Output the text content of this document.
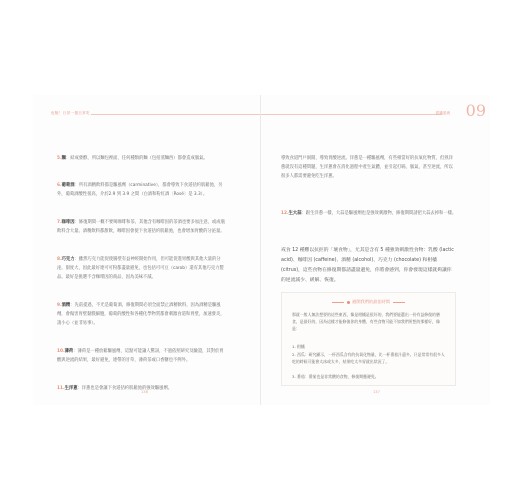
危險！日常一週日常吃
5.麵：結成發酵，所以麵包裡面，任何種類的麵（包括蒸麵西）都會造成脹氣。
6.葡萄酒：所有酒精飲料都是驅風劑（carminative），都會導致下食道括約肌鬆弛，另外，葡萄酒酸性很高，介於2.9 到 3.9 之間（白酒和粉紅酒〔Rosé〕是 3.3）。
7.咖啡因：修復期間一概不要喝咖啡和茶。其他含有咖啡因的茶酒也要多加注意，或成瓶飲料含大量。酒精飲料都甜飲，咖啡因會使下食道括約肌鬆弛，也會增加胃酸的分泌量。
8.巧克力：雖然巧克力能促使腸壁有益神經開始作用，但可能促進胃酸與其他大量的分泌。甜度大，因此最好連可可粉都盡量避免，也包括可可豆（carob）還有其他巧克力製品。最好是挑選不含咖啡因的商品，因為美味不減。
9.酒精：先前提過，不光是葡萄酒，修復期間必須全面禁止酒精飲料，因為酒精是驅風劑，會傷害胃壁黏膜細胞，葡萄的酸性和各種化學物質都會刺激食道和胃壁，加速發炎，請小心（並非易事）。
10.薄荷：薄荷是一種放鬆驅風劑，這點可能讓人驚訝，不過依照研究及驗證，其對於胃酸與逆流的結果，最好避免，連帶的甘草，薄荷茶或口香糖也不例外。
11.生洋蔥：洋蔥也是會讓下食道括約肌鬆弛的強效驅風劑。
136
認識逆流 09
導致食道門戶洞開，導致胃酸逆流。洋蔥是一種驅風劑，有些相當好的抗氧化物質，但熟洋蔥就沒有這種問題，生洋蔥會在消化過程中產生氣體，並引起打嗝、脹氣，甚至逆流，所以很多人都需要避免吃生洋蔥。
12.生大蒜：跟生洋蔥一樣，大蒜是驅風劑也是強效刺激物，修復期間請把大蒜去掉和一樣。
戒食 12 種難以抗拒的「壞食物」，尤其是含有 5 種強效刺激性食物：乳酸 (lactic acid)、咖啡因 (caffeine)、酒精 (alcohol)、巧克力 (chocolate) 和柑橘 (citrus)，這些食物在修復期都請盡量避免，你將會感到，你會發現這樣就夠讓你的逆流減少、緩解、恢復。
避開我們的最佳時間
那就一般人無法想要的這些東西，像是柑橘是很好的，我們要能選出一份有益修復的膳食，是最好的，因為這樣才能修復你的身體，有些食物可能不如我們所想的那樣好，像是：
1. 柑橘
2. 西瓜：研究顯示，一杯西瓜含有的抗氧化物量，比一杯番茄汁還多。只是常常有很多人吃的時候可能會太冰或太多，結果吃太多胃就出狀況了。
3. 番茄：番茄也是非常酸的食物，修復期應避免。
137
